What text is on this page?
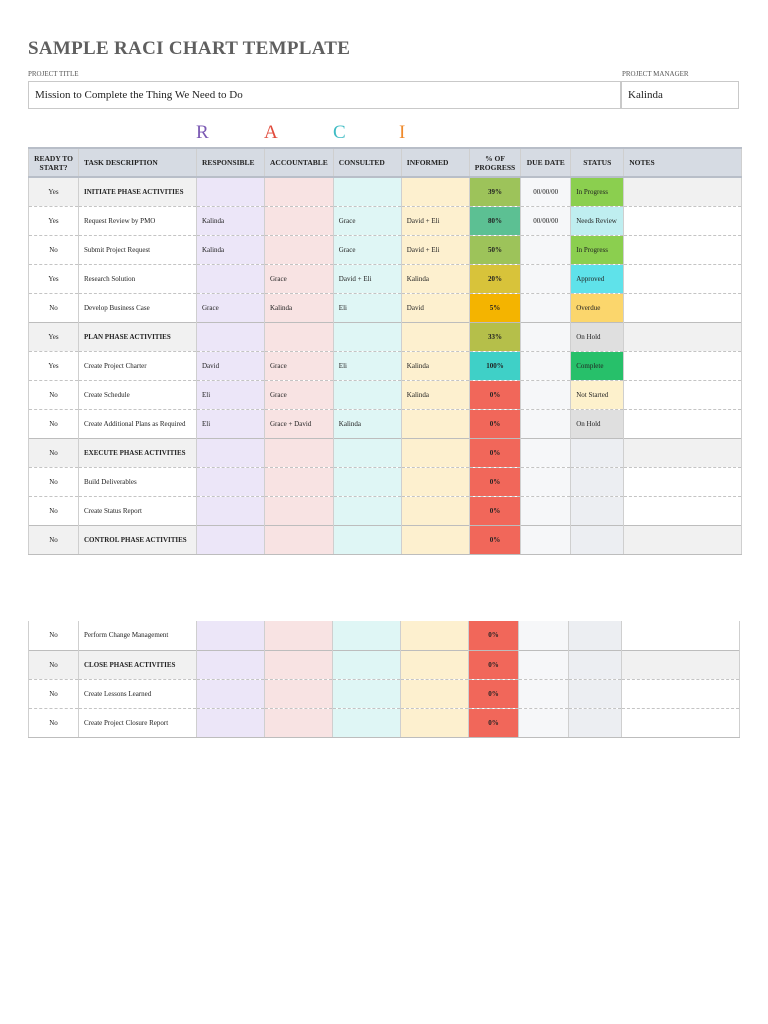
SAMPLE RACI CHART TEMPLATE
PROJECT TITLE	PROJECT MANAGER
Mission to Complete the Thing We Need to Do	Kalinda
R	A	C	I
READY TO START?	TASK DESCRIPTION	RESPONSIBLE	ACCOUNTABLE	CONSULTED	INFORMED	% OF PROGRESS	DUE DATE	STATUS	NOTES
Yes	INITIATE PHASE ACTIVITIES					39%	00/00/00	In Progress	
Yes	Request Review by PMO	Kalinda		Grace	David + Eli	80%	00/00/00	Needs Review	
No	Submit Project Request	Kalinda		Grace	David + Eli	50%		In Progress	
Yes	Research Solution		Grace	David + Eli	Kalinda	20%		Approved	
No	Develop Business Case	Grace	Kalinda	Eli	David	5%		Overdue	
Yes	PLAN PHASE ACTIVITIES					33%		On Hold	
Yes	Create Project Charter	David	Grace	Eli	Kalinda	100%		Complete	
No	Create Schedule	Eli	Grace		Kalinda	0%		Not Started	
No	Create Additional Plans as Required	Eli	Grace + David	Kalinda		0%		On Hold	
No	EXECUTE PHASE ACTIVITIES					0%			
No	Build Deliverables					0%			
No	Create Status Report					0%			
No	CONTROL PHASE ACTIVITIES					0%			
No	Perform Change Management					0%			
No	CLOSE PHASE ACTIVITIES					0%			
No	Create Lessons Learned					0%			
No	Create Project Closure Report					0%			
